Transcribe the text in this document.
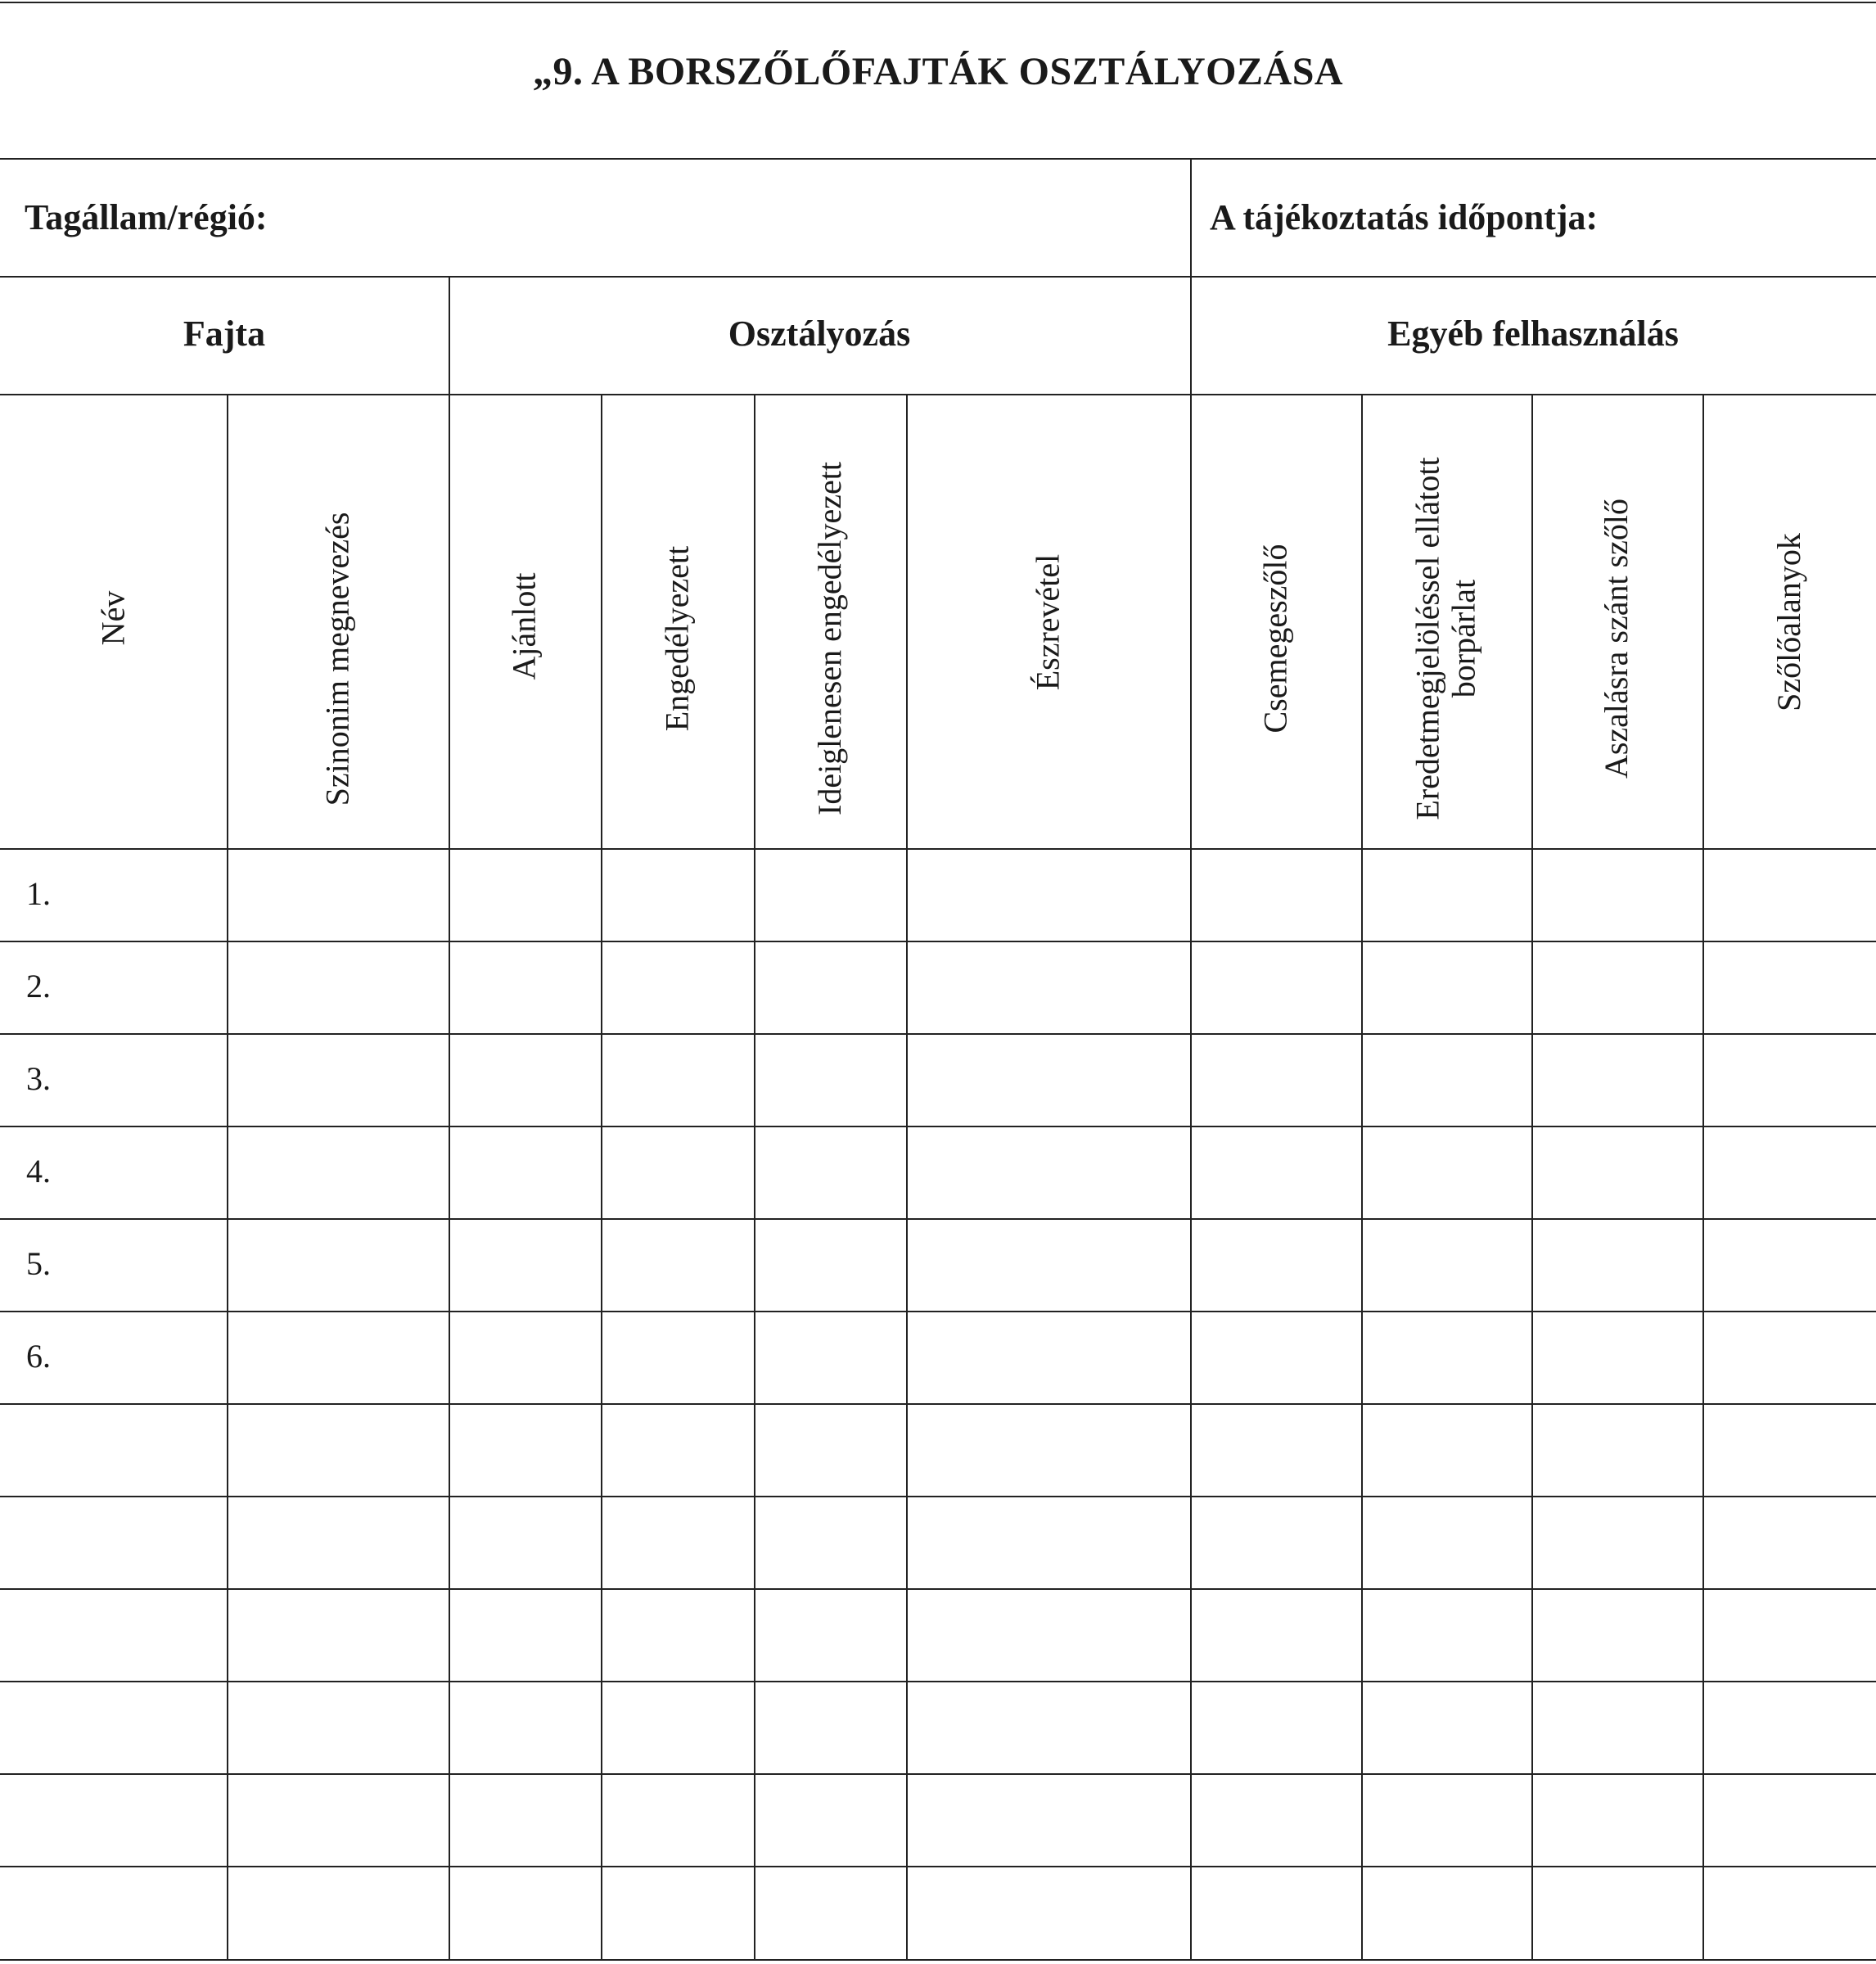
„9. A BORSZŐLŐFAJTÁK OSZTÁLYOZÁSA
Tagállam/régió:	A tájékoztatás időpontja:
Fajta	Osztályozás	Egyéb felhasználás
Név	Szinonim megnevezés	Ajánlott	Engedélyezett	Ideiglenesen engedélyezett	Észrevétel	Csemegeszőlő	Eredetmegjelöléssel ellátott borpárlat	Aszalásra szánt szőlő	Szőlőalanyok
1.
2.
3.
4.
5.
6.
